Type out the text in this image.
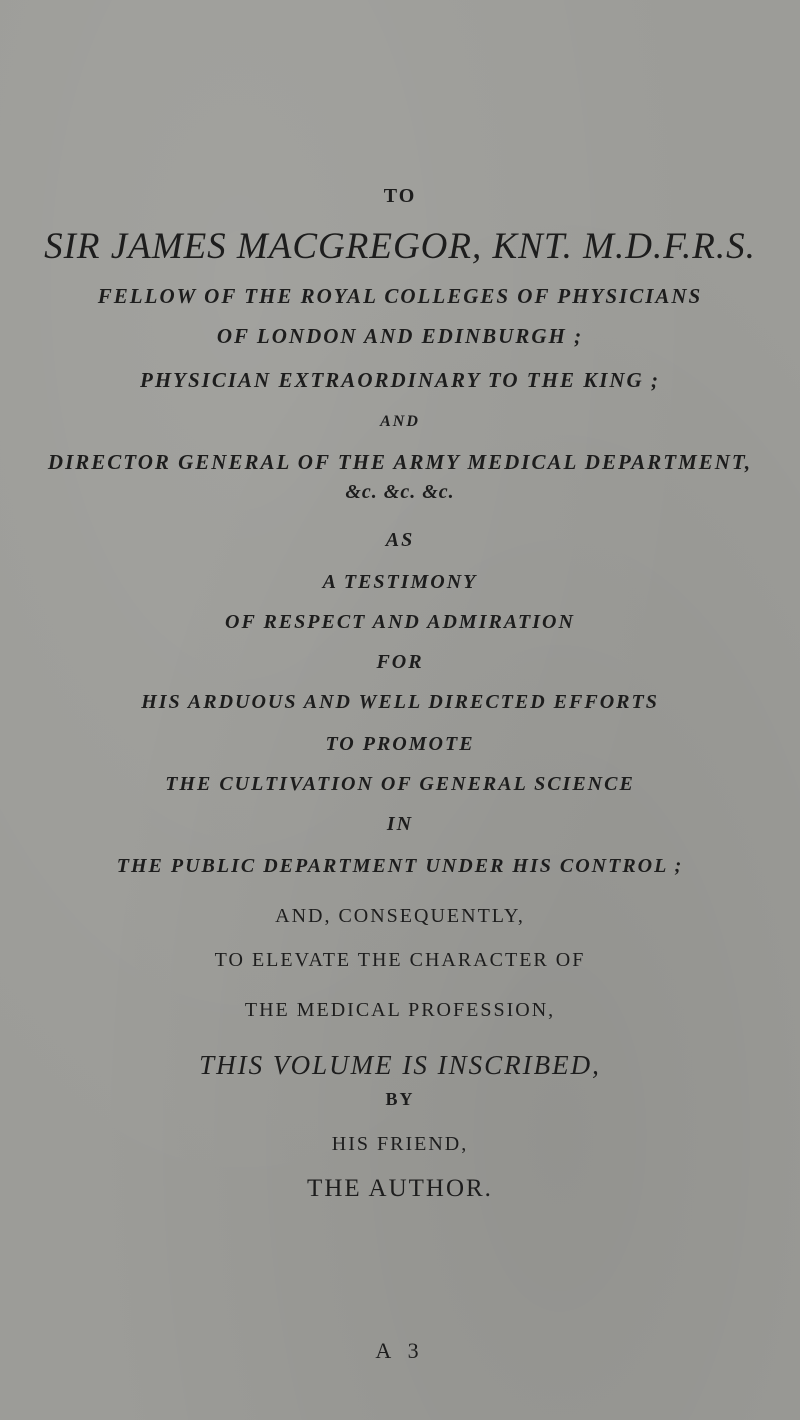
TO
SIR JAMES MACGREGOR, KNT. M.D.F.R.S.
FELLOW OF THE ROYAL COLLEGES OF PHYSICIANS
OF LONDON AND EDINBURGH ;
PHYSICIAN EXTRAORDINARY TO THE KING ;
AND
DIRECTOR GENERAL OF THE ARMY MEDICAL DEPARTMENT,
&c. &c. &c.
AS
A TESTIMONY
OF RESPECT AND ADMIRATION
FOR
HIS ARDUOUS AND WELL DIRECTED EFFORTS
TO PROMOTE
THE CULTIVATION OF GENERAL SCIENCE
IN
THE PUBLIC DEPARTMENT UNDER HIS CONTROL ;
AND, CONSEQUENTLY,
TO ELEVATE THE CHARACTER OF
THE MEDICAL PROFESSION,
THIS VOLUME IS INSCRIBED,
BY
HIS FRIEND,
THE AUTHOR.
A 3
